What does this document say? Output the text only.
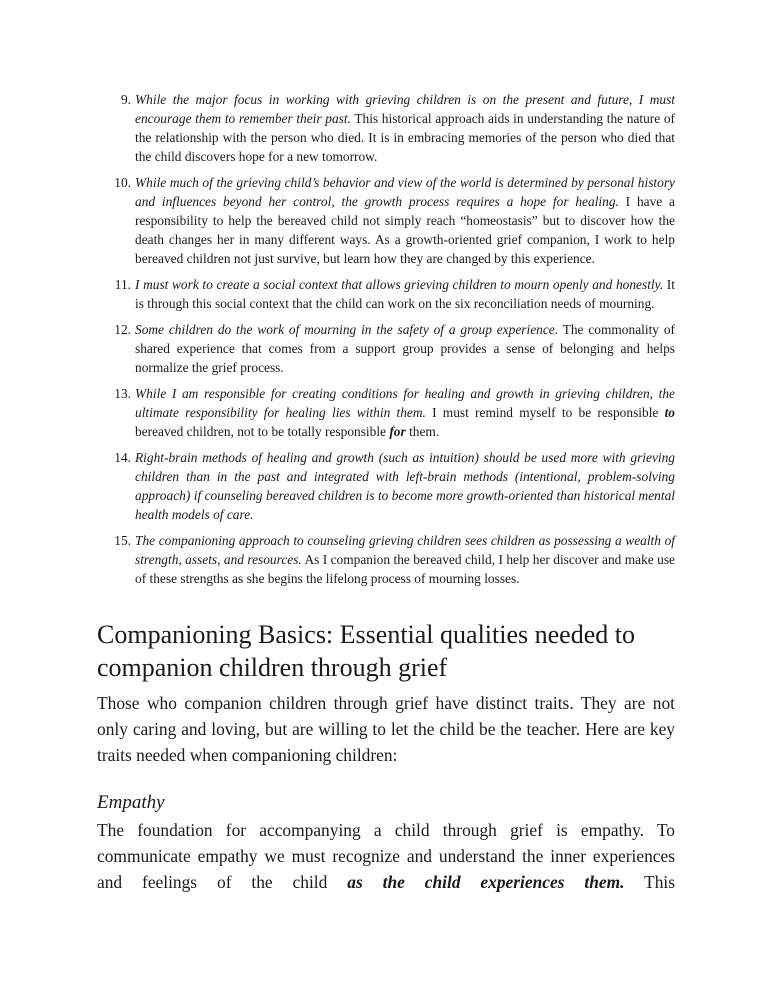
9. While the major focus in working with grieving children is on the present and future, I must encourage them to remember their past. This historical approach aids in understanding the nature of the relationship with the person who died. It is in embracing memories of the person who died that the child discovers hope for a new tomorrow.
10. While much of the grieving child’s behavior and view of the world is determined by personal history and influences beyond her control, the growth process requires a hope for healing. I have a responsibility to help the bereaved child not simply reach “homeostasis” but to discover how the death changes her in many different ways. As a growth-oriented grief companion, I work to help bereaved children not just survive, but learn how they are changed by this experience.
11. I must work to create a social context that allows grieving children to mourn openly and honestly. It is through this social context that the child can work on the six reconciliation needs of mourning.
12. Some children do the work of mourning in the safety of a group experience. The commonality of shared experience that comes from a support group provides a sense of belonging and helps normalize the grief process.
13. While I am responsible for creating conditions for healing and growth in grieving children, the ultimate responsibility for healing lies within them. I must remind myself to be responsible to bereaved children, not to be totally responsible for them.
14. Right-brain methods of healing and growth (such as intuition) should be used more with grieving children than in the past and integrated with left-brain methods (intentional, problem-solving approach) if counseling bereaved children is to become more growth-oriented than historical mental health models of care.
15. The companioning approach to counseling grieving children sees children as possessing a wealth of strength, assets, and resources. As I companion the bereaved child, I help her discover and make use of these strengths as she begins the lifelong process of mourning losses.
Companioning Basics: Essential qualities needed to companion children through grief

Those who companion children through grief have distinct traits. They are not only caring and loving, but are willing to let the child be the teacher. Here are key traits needed when companioning children:

Empathy

The foundation for accompanying a child through grief is empathy. To communicate empathy we must recognize and understand the inner experiences and feelings of the child as the child experiences them. This
